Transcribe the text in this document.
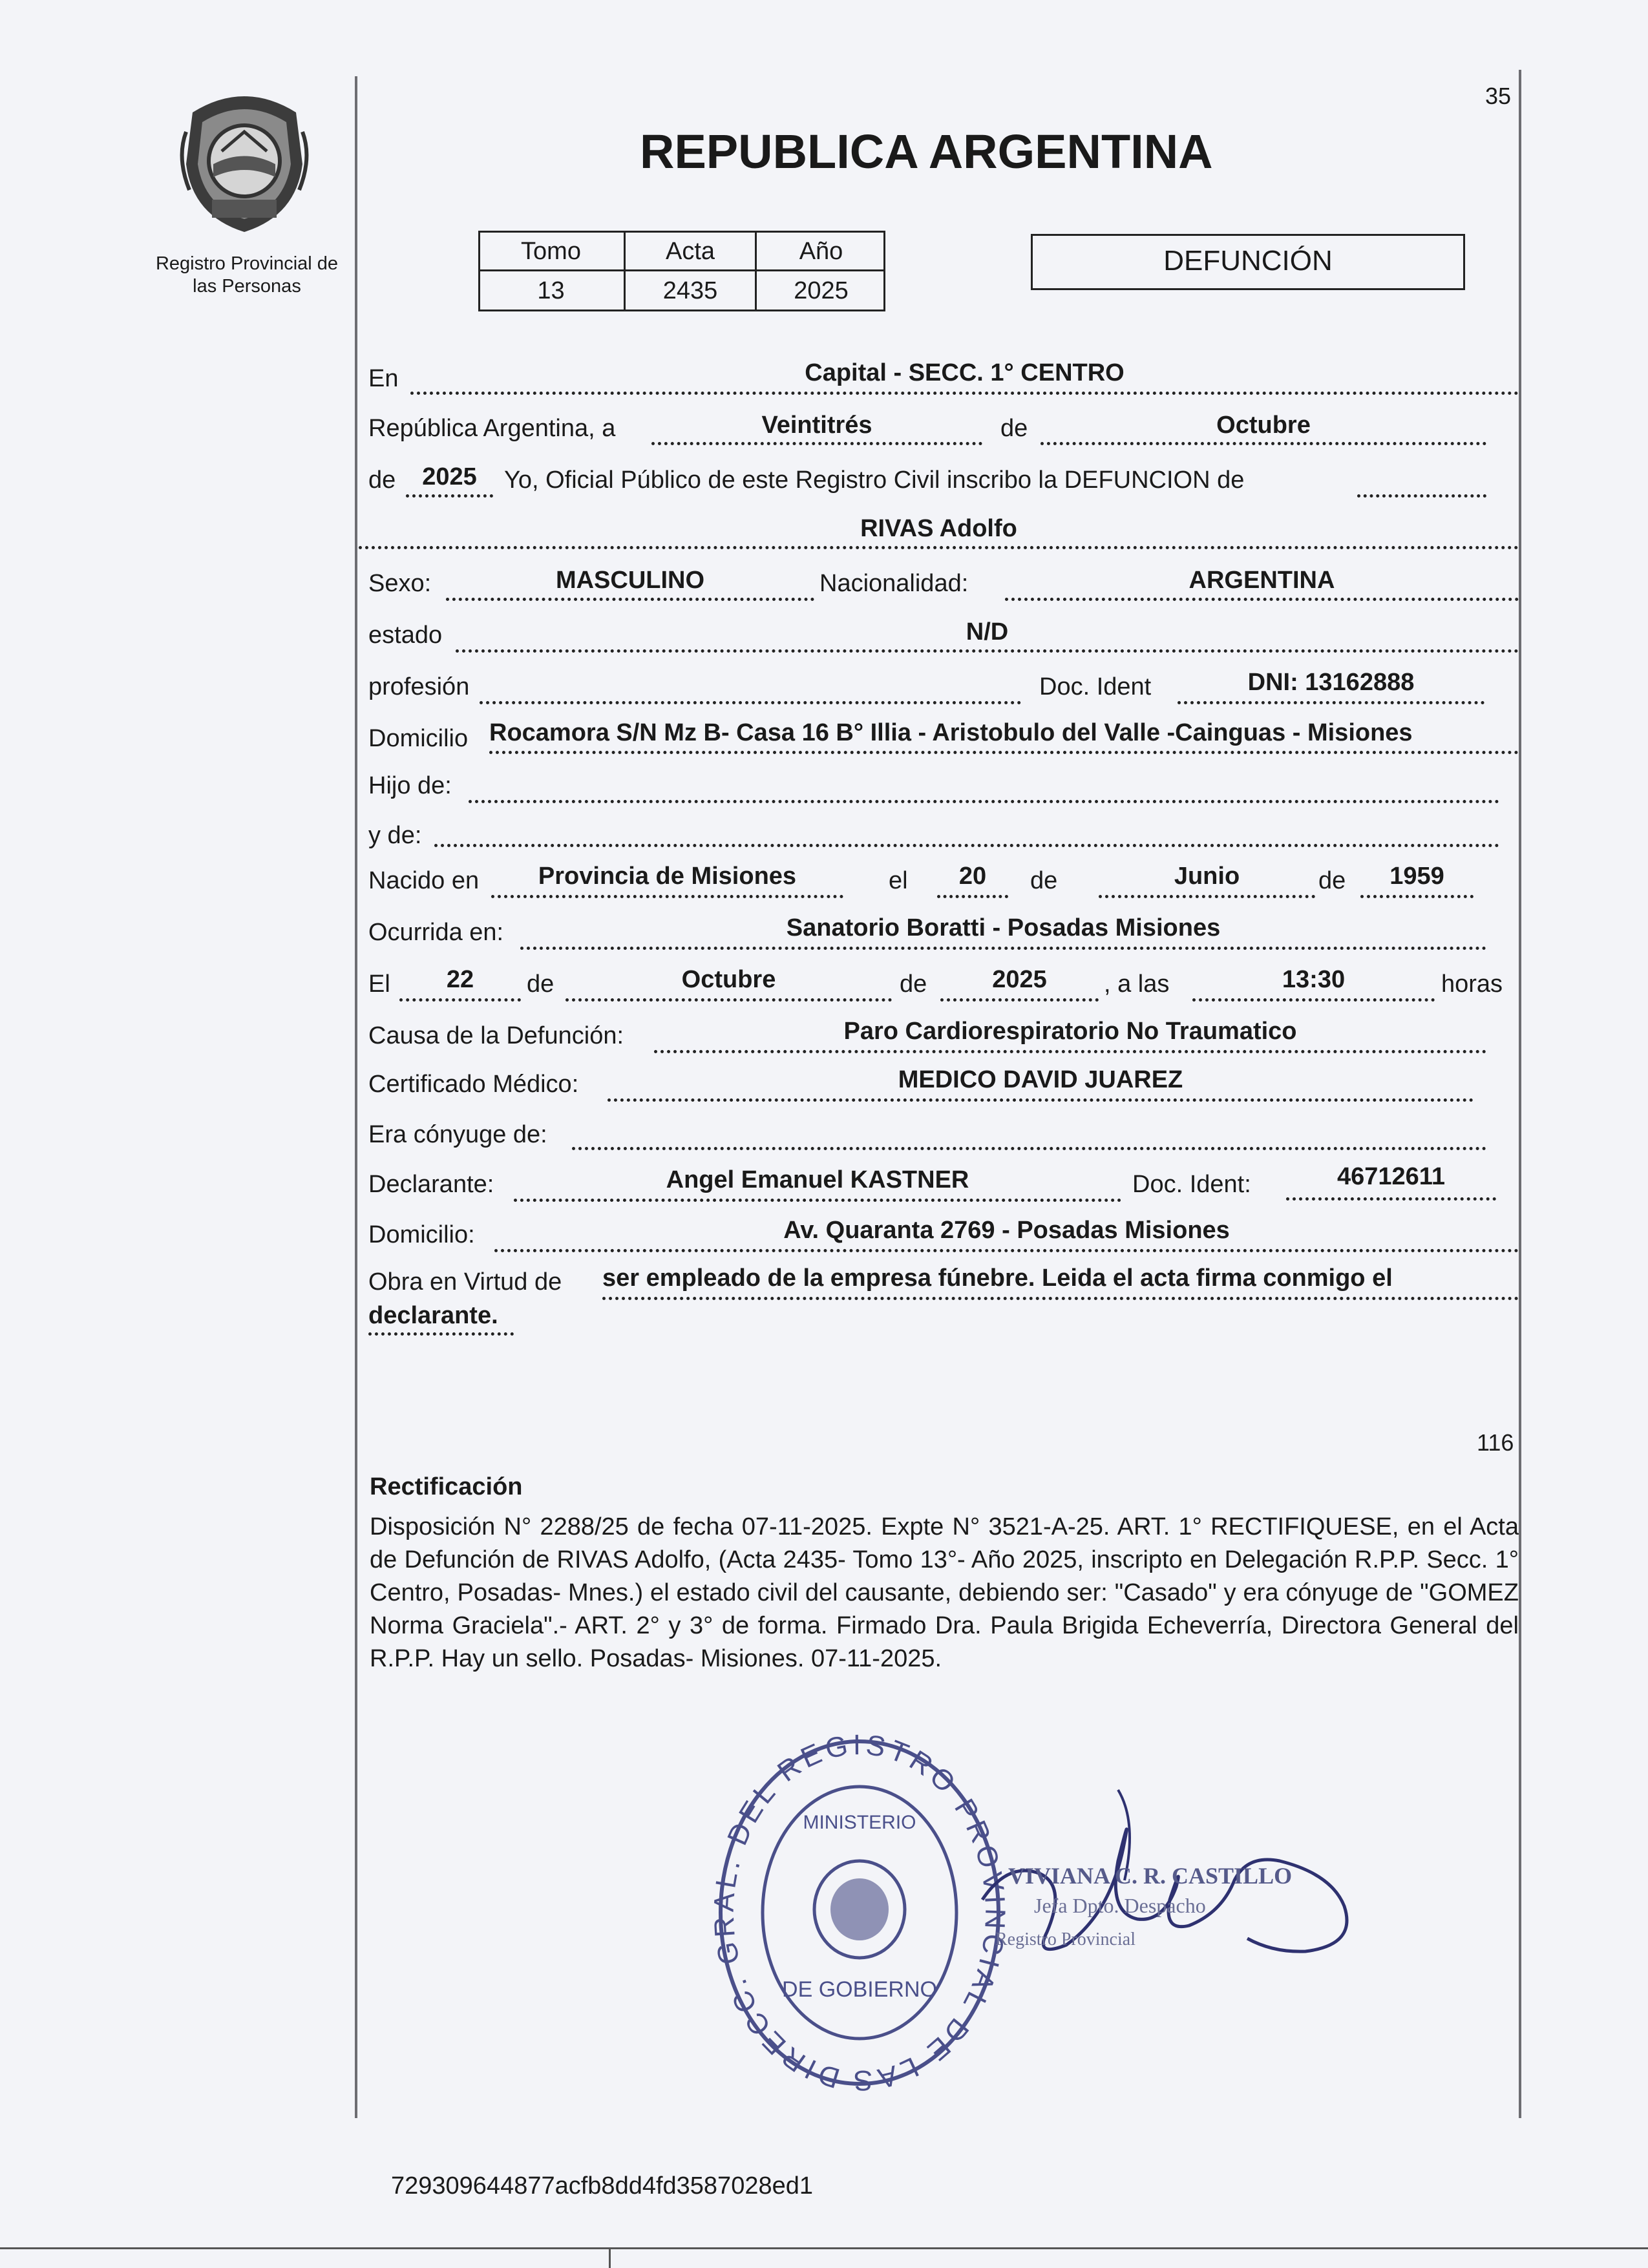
35
Registro Provincial de
las Personas
REPUBLICA ARGENTINA
Tomo	Acta	Año
13	2435	2025
DEFUNCIÓN
En	Capital - SECC. 1° CENTRO
República Argentina, a	Veintitrés	de	Octubre
de	2025	Yo, Oficial Público de este Registro Civil inscribo la DEFUNCION de
RIVAS Adolfo
Sexo:	MASCULINO	Nacionalidad:	ARGENTINA
estado	N/D
profesión	Doc. Ident	DNI: 13162888
Domicilio Rocamora S/N Mz B- Casa 16 B° Illia - Aristobulo del Valle -Cainguas - Misiones
Hijo de:
y de:
Nacido en	Provincia de Misiones	el	20	de	Junio	de	1959
Ocurrida en:	Sanatorio Boratti - Posadas Misiones
El	22	de	Octubre	de	2025	, a las	13:30	horas
Causa de la Defunción:	Paro Cardiorespiratorio No Traumatico
Certificado Médico:	MEDICO DAVID JUAREZ
Era cónyuge de:
Declarante:	Angel Emanuel KASTNER	Doc. Ident:	46712611
Domicilio:	Av. Quaranta 2769 - Posadas Misiones
Obra en Virtud de ser empleado de la empresa fúnebre. Leida el acta firma conmigo el
declarante.
116
Rectificación
Disposición N° 2288/25 de fecha 07-11-2025. Expte N° 3521-A-25. ART. 1° RECTIFIQUESE, en el Acta de Defunción de RIVAS Adolfo, (Acta 2435- Tomo 13°- Año 2025, inscripto en Delegación R.P.P. Secc. 1° Centro, Posadas- Mnes.) el estado civil del causante, debiendo ser: "Casado" y era cónyuge de "GOMEZ Norma Graciela".- ART. 2° y 3° de forma. Firmado Dra. Paula Brigida Echeverría, Directora General del R.P.P. Hay un sello. Posadas- Misiones. 07-11-2025.
DIRECC. GRAL. DEL REGISTRO PROVINCIAL DE LAS
DE GOBIERNO
MINISTERIO
VIVIANA C. R. CASTILLO
Jefa Dpto. Despacho
Registro Provincial
729309644877acfb8dd4fd3587028ed1
